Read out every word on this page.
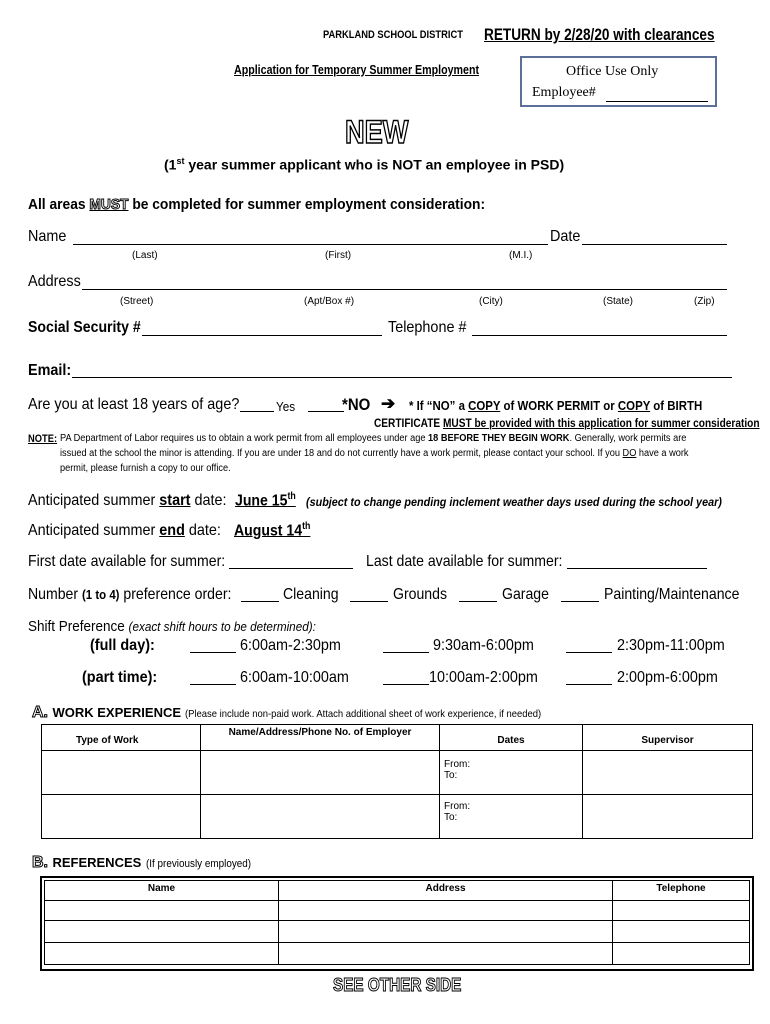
PARKLAND SCHOOL DISTRICT RETURN by 2/28/20 with clearances
Application for Temporary Summer Employment	Office Use Only
Employee#
NEW
(1st year summer applicant who is NOT an employee in PSD)
All areas MUST be completed for summer employment consideration:
Name	Date
(Last)	(First)	(M.I.)
Address
(Street)	(Apt/Box #)	(City)	(State)	(Zip)
Social Security #	Telephone #
Email:
Are you at least 18 years of age?	Yes	*NO ➔ * If “NO” a COPY of WORK PERMIT or COPY of BIRTH
CERTIFICATE MUST be provided with this application for summer consideration
NOTE: PA Department of Labor requires us to obtain a work permit from all employees under age 18 BEFORE THEY BEGIN WORK. Generally, work permits are
issued at the school the minor is attending. If you are under 18 and do not currently have a work permit, please contact your school. If you DO have a work
permit, please furnish a copy to our office.
Anticipated summer start date: June 15th (subject to change pending inclement weather days used during the school year)
Anticipated summer end date: August 14th
First date available for summer:	Last date available for summer:
Number (1 to 4) preference order:	Cleaning	Grounds	Garage	Painting/Maintenance
Shift Preference (exact shift hours to be determined):
(full day):	6:00am-2:30pm	9:30am-6:00pm	2:30pm-11:00pm
(part time):	6:00am-10:00am	10:00am-2:00pm	2:00pm-6:00pm
A. WORK EXPERIENCE (Please include non-paid work. Attach additional sheet of work experience, if needed)
Type of Work	Name/Address/Phone No. of Employer	Dates	Supervisor

		From:
To:	

		From:
To:	

B. REFERENCES (If previously employed)
Name	Address	Telephone

SEE OTHER SIDE
